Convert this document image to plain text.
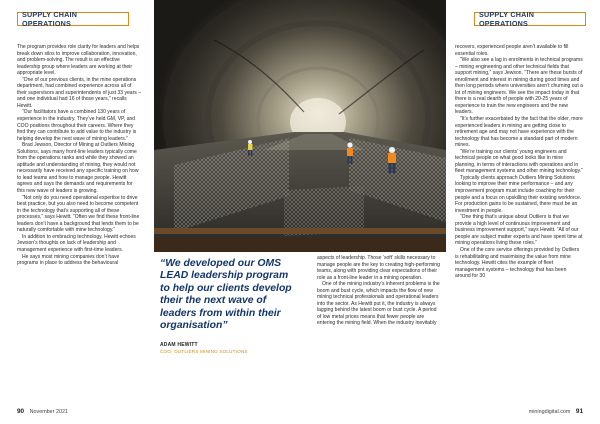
SUPPLY CHAIN OPERATIONS

The program provides role clarity for leaders and helps break down silos to improve collaboration, innovation, and problem-solving. The result is an effective leadership group where leaders are working at their appropriate level.

“One of our previous clients, in the mine operations department, had combined experience across all of their supervisors and superintendents of just 33 years – and one individual had 16 of those years,” recalls Hewitt.

“Our facilitators have a combined 130 years of experience in the industry. They’ve held GM, VP, and COO positions throughout their careers. Where they find they can contribute to add value to the industry is helping develop the next wave of mining leaders.”

Brad Jewson, Director of Mining at Outliers Mining Solutions, says many front-line leaders typically come from the operations ranks and while they showed an aptitude and understanding of mining, they would not necessarily have received any specific training on how to lead teams and how to manage people. Hewitt agrees and says the demands and requirements for this new wave of leaders is growing.

“Not only do you need operational expertise to drive best practice, but you also need to become competent in the technology that’s supporting all of these processes,” says Hewitt. “Often we find these front-line leaders don’t have a background that lends them to be naturally comfortable with mine technology.”

In addition to embracing technology, Hewitt echoes Jewson’s thoughts on lack of leadership and management experience with first-time leaders.

He says most mining companies don’t have programs in place to address the behavioural

90 November 2021
SUPPLY CHAIN OPERATIONS
miningdigital.com 91

aspects of leadership. Those ‘soft’ skills necessary to manage people are the key to creating high-performing teams, along with providing clear expectations of their role as a front-line leader in a mining operation.

One of the mining industry’s inherent problems is the boom and bust cycle, which impacts the flow of new mining technical professionals and operational leaders into the sector. As Hewitt put it, the industry is always lagging behind the latest boom or bust cycle. A period of low metal prices means that fewer people are entering the mining field. When the industry inevitably

recovers, experienced people aren’t available to fill essential roles.

“We also see a lag in enrolments in technical programs – mining engineering and other technical fields that support mining,” says Jewson. “There are these bursts of enrollment and interest in mining during good times and then long periods where universities aren’t churning out a lot of mining engineers. We see the impact today in that there is a real dearth of people with 20-25 years of experience to train the new engineers and the new leaders.

“It’s further exacerbated by the fact that the older, more experienced leaders in mining are getting close to retirement age and may not have experience with the technology that has become a standard part of modern mines.

“We’re training our clients’ young engineers and technical people on what good looks like in mine planning, in terms of interactions with operations and in fleet management systems and other mining technology.”

Typically clients approach Outliers Mining Solutions looking to improve their mine performance – and any improvement program must include coaching for their people and a focus on upskilling their existing workforce. For production gains to be sustained, there must be an investment in people.

“One thing that’s unique about Outliers is that we provide a high level of continuous improvement and business improvement support,” says Hewitt. “All of our people are subject matter experts and have spent time at mining operations living these roles.”

One of the core service offerings provided by Outliers is rehabilitating and maximising the value from mine technology. Hewitt cites the example of fleet management systems – technology that has been around for 30

“We developed our OMS LEAD leadership program to help our clients develop their the next wave of leaders from within their organisation”

ADAM HEWITT
COO, OUTLIERS MINING SOLUTIONS
